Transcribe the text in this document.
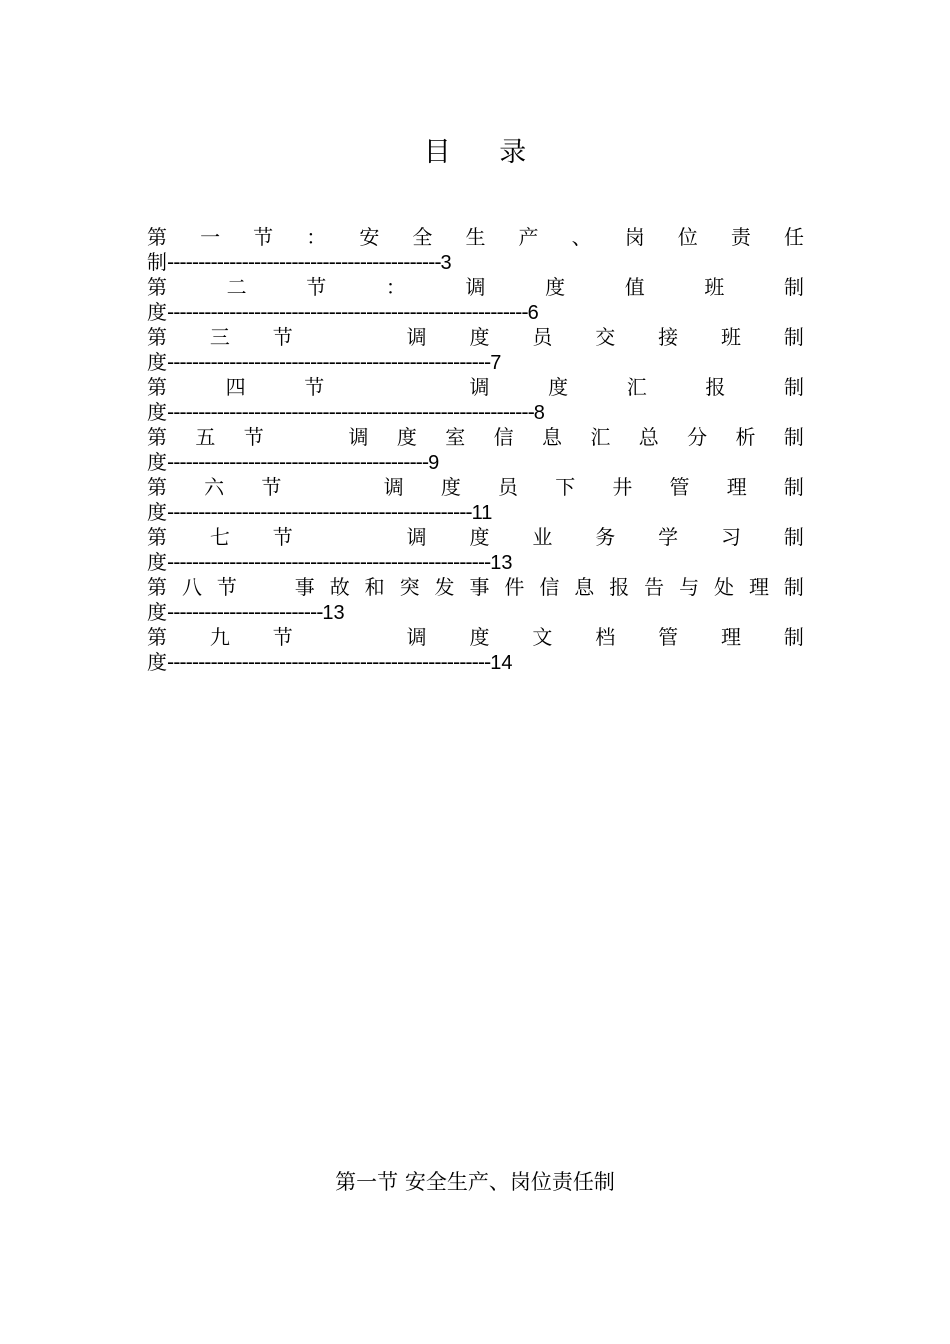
目 录
第 一 节 ： 安 全 生 产 、 岗 位 责 任
制--------------------------------------------3
第	二	节	：	调	度	值	班	制
度----------------------------------------------------------6
第 三 节	调 度 员 交 接 班 制
度----------------------------------------------------7
第	四	节	调	度	汇	报	制
度-----------------------------------------------------------8
第 五 节	调 度 室 信 息 汇 总 分 析 制
度------------------------------------------9
第 六 节	调 度 员 下 井 管 理 制
度-------------------------------------------------11
第 七 节	调 度 业 务 学 习 制
度----------------------------------------------------13
第 八 节	事 故 和 突 发 事 件 信 息 报 告 与 处 理 制
度-------------------------13
第 九 节	调 度 文 档 管 理 制
度----------------------------------------------------14
第一节 安全生产、岗位责任制
